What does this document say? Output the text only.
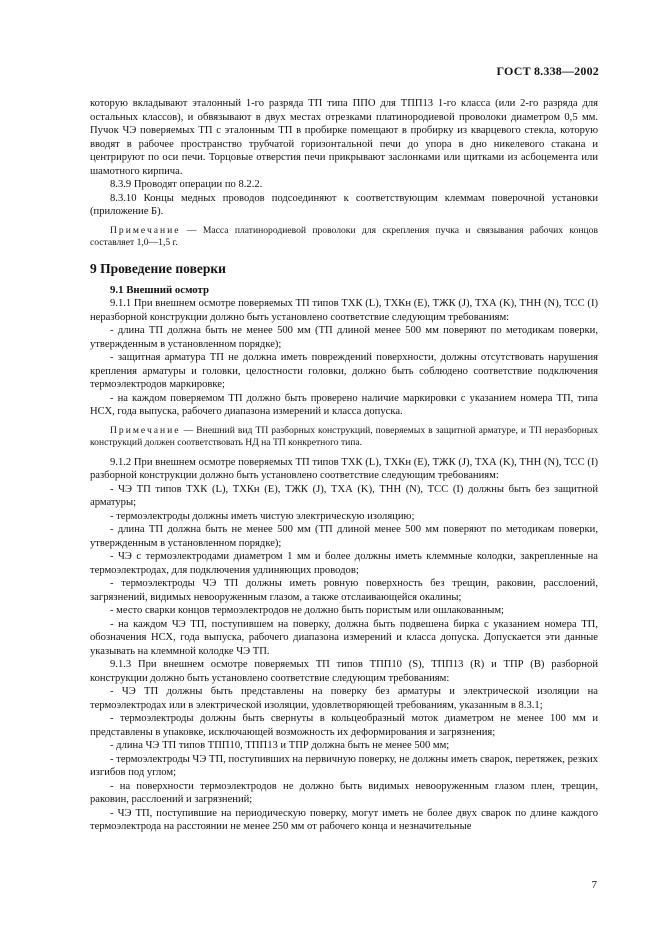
ГОСТ 8.338—2002

которую вкладывают эталонный 1-го разряда ТП типа ППО для ТПП13 1-го класса (или 2-го разряда для остальных классов), и обвязывают в двух местах отрезками платинородиевой проволоки диаметром 0,5 мм. Пучок ЧЭ поверяемых ТП с эталонным ТП в пробирке помещают в пробирку из кварцевого стекла, которую вводят в рабочее пространство трубчатой горизонтальной печи до упора в дно никелевого стакана и центрируют по оси печи. Торцовые отверстия печи прикрывают заслонками или щитками из асбоцемента или шамотного кирпича.

8.3.9 Проводят операции по 8.2.2.

8.3.10 Концы медных проводов подсоединяют к соответствующим клеммам поверочной установки (приложение Б).

Примечание — Масса платинородиевой проволоки для скрепления пучка и связывания рабочих концов составляет 1,0—1,5 г.

9 Проведение поверки
9.1 Внешний осмотр

9.1.1 При внешнем осмотре поверяемых ТП типов ТХК (L), ТХКн (E), ТЖК (J), ТХА (K), ТНН (N), ТСС (I) неразборной конструкции должно быть установлено соответствие следующим требованиям:

- длина ТП должна быть не менее 500 мм (ТП длиной менее 500 мм поверяют по методикам поверки, утвержденным в установленном порядке);

- защитная арматура ТП не должна иметь повреждений поверхности, должны отсутствовать нарушения крепления арматуры и головки, целостности головки, должно быть соблюдено соответствие подключения термоэлектродов маркировке;

- на каждом поверяемом ТП должно быть проверено наличие маркировки с указанием номера ТП, типа НСХ, года выпуска, рабочего диапазона измерений и класса допуска.

Примечание — Внешний вид ТП разборных конструкций, поверяемых в защитной арматуре, и ТП неразборных конструкций должен соответствовать НД на ТП конкретного типа.

9.1.2 При внешнем осмотре поверяемых ТП типов ТХК (L), ТХКн (E), ТЖК (J), ТХА (K), ТНН (N), ТСС (I) разборной конструкции должно быть установлено соответствие следующим требованиям:

- ЧЭ ТП типов ТХК (L), ТХКн (E), ТЖК (J), ТХА (K), ТНН (N), ТСС (I) должны быть без защитной арматуры;

- термоэлектроды должны иметь чистую электрическую изоляцию;

- длина ТП должна быть не менее 500 мм (ТП длиной менее 500 мм поверяют по методикам поверки, утвержденным в установленном порядке);

- ЧЭ с термоэлектродами диаметром 1 мм и более должны иметь клеммные колодки, закрепленные на термоэлектродах, для подключения удлиняющих проводов;

- термоэлектроды ЧЭ ТП должны иметь ровную поверхность без трещин, раковин, расслоений, загрязнений, видимых невооруженным глазом, а также отслаивающейся окалины;

- место сварки концов термоэлектродов не должно быть пористым или ошлакованным;

- на каждом ЧЭ ТП, поступившем на поверку, должна быть подвешена бирка с указанием номера ТП, обозначения НСХ, года выпуска, рабочего диапазона измерений и класса допуска. Допускается эти данные указывать на клеммной колодке ЧЭ ТП.

9.1.3 При внешнем осмотре поверяемых ТП типов ТПП10 (S), ТПП13 (R) и ТПР (B) разборной конструкции должно быть установлено соответствие следующим требованиям:

- ЧЭ ТП должны быть представлены на поверку без арматуры и электрической изоляции на термоэлектродах или в электрической изоляции, удовлетворяющей требованиям, указанным в 8.3.1;

- термоэлектроды должны быть свернуты в кольцеобразный моток диаметром не менее 100 мм и представлены в упаковке, исключающей возможность их деформирования и загрязнения;

- длина ЧЭ ТП типов ТПП10, ТПП13 и ТПР должна быть не менее 500 мм;

- термоэлектроды ЧЭ ТП, поступивших на первичную поверку, не должны иметь сварок, перетяжек, резких изгибов под углом;

- на поверхности термоэлектродов не должно быть видимых невооруженным глазом плен, трещин, раковин, расслоений и загрязнений;

- ЧЭ ТП, поступившие на периодическую поверку, могут иметь не более двух сварок по длине каждого термоэлектрода на расстоянии не менее 250 мм от рабочего конца и незначительные

7
